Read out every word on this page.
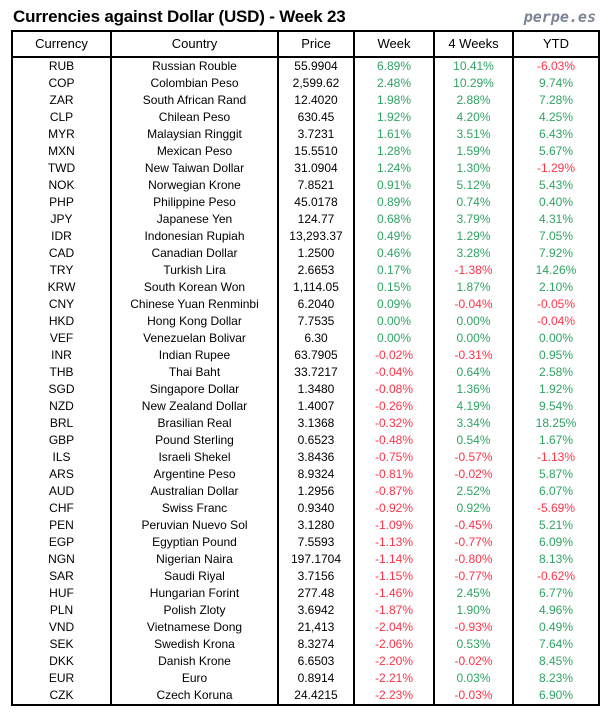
Currencies against Dollar (USD) - Week 23	perpe.es
Currency	Country	Price	Week	4 Weeks	YTD
RUB	Russian Rouble	55.9904	6.89%	10.41%	-6.03%
COP	Colombian Peso	2,599.62	2.48%	10.29%	9.74%
ZAR	South African Rand	12.4020	1.98%	2.88%	7.28%
CLP	Chilean Peso	630.45	1.92%	4.20%	4.25%
MYR	Malaysian Ringgit	3.7231	1.61%	3.51%	6.43%
MXN	Mexican Peso	15.5510	1.28%	1.59%	5.67%
TWD	New Taiwan Dollar	31.0904	1.24%	1.30%	-1.29%
NOK	Norwegian Krone	7.8521	0.91%	5.12%	5.43%
PHP	Philippine Peso	45.0178	0.89%	0.74%	0.40%
JPY	Japanese Yen	124.77	0.68%	3.79%	4.31%
IDR	Indonesian Rupiah	13,293.37	0.49%	1.29%	7.05%
CAD	Canadian Dollar	1.2500	0.46%	3.28%	7.92%
TRY	Turkish Lira	2.6653	0.17%	-1.38%	14.26%
KRW	South Korean Won	1,114.05	0.15%	1.87%	2.10%
CNY	Chinese Yuan Renminbi	6.2040	0.09%	-0.04%	-0.05%
HKD	Hong Kong Dollar	7.7535	0.00%	0.00%	-0.04%
VEF	Venezuelan Bolivar	6.30	0.00%	0.00%	0.00%
INR	Indian Rupee	63.7905	-0.02%	-0.31%	0.95%
THB	Thai Baht	33.7217	-0.04%	0.64%	2.58%
SGD	Singapore Dollar	1.3480	-0.08%	1.36%	1.92%
NZD	New Zealand Dollar	1.4007	-0.26%	4.19%	9.54%
BRL	Brasilian Real	3.1368	-0.32%	3.34%	18.25%
GBP	Pound Sterling	0.6523	-0.48%	0.54%	1.67%
ILS	Israeli Shekel	3.8436	-0.75%	-0.57%	-1.13%
ARS	Argentine Peso	8.9324	-0.81%	-0.02%	5.87%
AUD	Australian Dollar	1.2956	-0.87%	2.52%	6.07%
CHF	Swiss Franc	0.9340	-0.92%	0.92%	-5.69%
PEN	Peruvian Nuevo Sol	3.1280	-1.09%	-0.45%	5.21%
EGP	Egyptian Pound	7.5593	-1.13%	-0.77%	6.09%
NGN	Nigerian Naira	197.1704	-1.14%	-0.80%	8.13%
SAR	Saudi Riyal	3.7156	-1.15%	-0.77%	-0.62%
HUF	Hungarian Forint	277.48	-1.46%	2.45%	6.77%
PLN	Polish Zloty	3.6942	-1.87%	1.90%	4.96%
VND	Vietnamese Dong	21,413	-2.04%	-0.93%	0.49%
SEK	Swedish Krona	8.3274	-2.06%	0.53%	7.64%
DKK	Danish Krone	6.6503	-2.20%	-0.02%	8.45%
EUR	Euro	0.8914	-2.21%	0.03%	8.23%
CZK	Czech Koruna	24.4215	-2.23%	-0.03%	6.90%
